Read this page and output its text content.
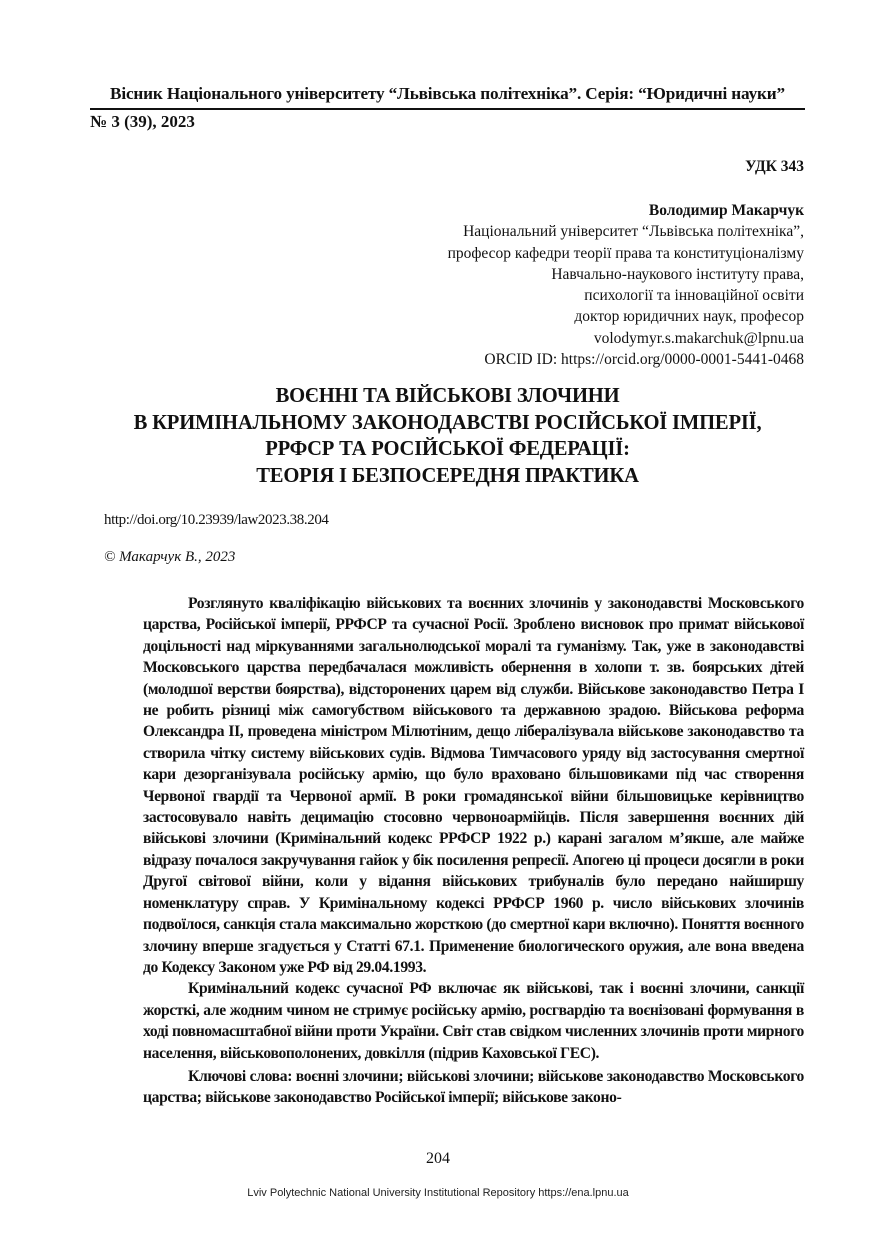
Вісник Національного університету “Львівська політехніка”. Серія: “Юридичні науки”
№ 3 (39), 2023
УДК 343
Володимир Макарчук
Національний університет “Львівська політехніка”,
професор кафедри теорії права та конституціоналізму
Навчально-наукового інституту права,
психології та інноваційної освіти
доктор юридичних наук, професор
volodymyr.s.makarchuk@lpnu.ua
ORCID ID: https://orcid.org/0000-0001-5441-0468
ВОЄННІ ТА ВІЙСЬКОВІ ЗЛОЧИНИ
В КРИМІНАЛЬНОМУ ЗАКОНОДАВСТВІ РОСІЙСЬКОЇ ІМПЕРІЇ,
РРФСР ТА РОСІЙСЬКОЇ ФЕДЕРАЦІЇ:
ТЕОРІЯ І БЕЗПОСЕРЕДНЯ ПРАКТИКА
http://doi.org/10.23939/law2023.38.204
© Макарчук В., 2023

Розглянуто кваліфікацію військових та воєнних злочинів у законодавстві Московського царства, Російської імперії, РРФСР та сучасної Росії. Зроблено висновок про примат військової доцільності над міркуваннями загальнолюдської моралі та гуманізму. Так, уже в законодавстві Московського царства передбачалася можливість обернення в холопи т. зв. боярських дітей (молодшої верстви боярства), відсторонених царем від служби. Військове законодавство Петра І не робить різниці між самогубством військового та державною зрадою. Військова реформа Олександра ІІ, проведена міністром Мілютіним, дещо лібералізувала військове законодавство та створила чітку систему військових судів. Відмова Тимчасового уряду від застосування смертної кари дезорганізувала російську армію, що було враховано більшовиками під час створення Червоної гвардії та Червоної армії. В роки громадянської війни більшовицьке керівництво застосовувало навіть децимацію стосовно червоноармійців. Після завершення воєнних дій військові злочини (Кримінальний кодекс РРФСР 1922 р.) карані загалом м’якше, але майже відразу почалося закручування гайок у бік посилення репресії. Апогею ці процеси досягли в роки Другої світової війни, коли у відання військових трибуналів було передано найширшу номенклатуру справ. У Кримінальному кодексі РРФСР 1960 р. число військових злочинів подвоїлося, санкція стала максимально жорсткою (до смертної кари включно). Поняття воєнного злочину вперше згадується у Статті 67.1. Применение биологического оружия, але вона введена до Кодексу Законом уже РФ від 29.04.1993.

Кримінальний кодекс сучасної РФ включає як військові, так і воєнні злочини, санкції жорсткі, але жодним чином не стримує російську армію, росгвардію та воєнізовані формування в ході повномасштабної війни проти України. Світ став свідком численних злочинів проти мирного населення, військовополонених, довкілля (підрив Каховської ГЕС).

Ключові слова: воєнні злочини; військові злочини; військове законодавство Московського царства; військове законодавство Російської імперії; військове законо-

204
Lviv Polytechnic National University Institutional Repository https://ena.lpnu.ua
